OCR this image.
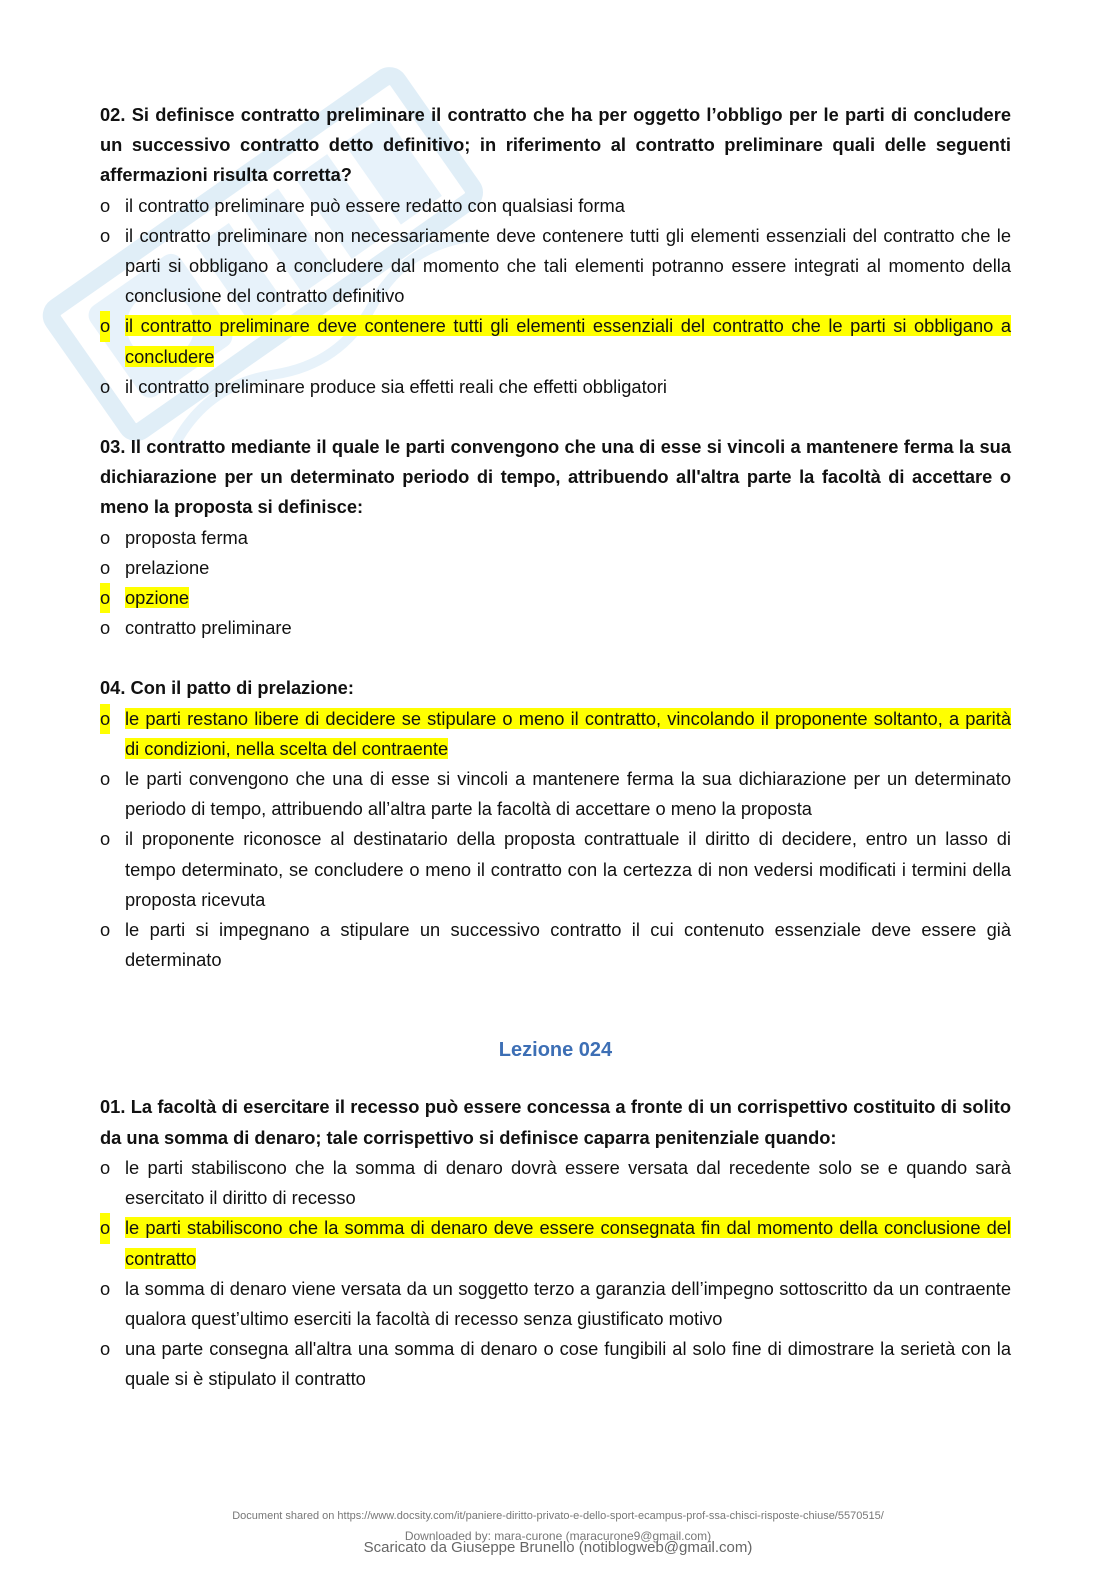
02. Si definisce contratto preliminare il contratto che ha per oggetto l’obbligo per le parti di concludere un successivo contratto detto definitivo; in riferimento al contratto preliminare quali delle seguenti affermazioni risulta corretta?

o il contratto preliminare può essere redatto con qualsiasi forma
o il contratto preliminare non necessariamente deve contenere tutti gli elementi essenziali del contratto che le parti si obbligano a concludere dal momento che tali elementi potranno essere integrati al momento della conclusione del contratto definitivo
o il contratto preliminare deve contenere tutti gli elementi essenziali del contratto che le parti si obbligano a concludere
o il contratto preliminare produce sia effetti reali che effetti obbligatori

03. Il contratto mediante il quale le parti convengono che una di esse si vincoli a mantenere ferma la sua dichiarazione per un determinato periodo di tempo, attribuendo all'altra parte la facoltà di accettare o meno la proposta si definisce:

o proposta ferma
o prelazione
o opzione
o contratto preliminare

04. Con il patto di prelazione:

o le parti restano libere di decidere se stipulare o meno il contratto, vincolando il proponente soltanto, a parità di condizioni, nella scelta del contraente
o le parti convengono che una di esse si vincoli a mantenere ferma la sua dichiarazione per un determinato periodo di tempo, attribuendo all’altra parte la facoltà di accettare o meno la proposta
o il proponente riconosce al destinatario della proposta contrattuale il diritto di decidere, entro un lasso di tempo determinato, se concludere o meno il contratto con la certezza di non vedersi modificati i termini della proposta ricevuta
o le parti si impegnano a stipulare un successivo contratto il cui contenuto essenziale deve essere già determinato
Lezione 024

01. La facoltà di esercitare il recesso può essere concessa a fronte di un corrispettivo costituito di solito da una somma di denaro; tale corrispettivo si definisce caparra penitenziale quando:

o le parti stabiliscono che la somma di denaro dovrà essere versata dal recedente solo se e quando sarà esercitato il diritto di recesso
o le parti stabiliscono che la somma di denaro deve essere consegnata fin dal momento della conclusione del contratto
o la somma di denaro viene versata da un soggetto terzo a garanzia dell’impegno sottoscritto da un contraente qualora quest’ultimo eserciti la facoltà di recesso senza giustificato motivo
o una parte consegna all'altra una somma di denaro o cose fungibili al solo fine di dimostrare la serietà con la quale si è stipulato il contratto
Document shared on https://www.docsity.com/it/paniere-diritto-privato-e-dello-sport-ecampus-prof-ssa-chisci-risposte-chiuse/5570515/
Downloaded by: mara-curone (maracurone9@gmail.com)
Scaricato da Giuseppe Brunello (notiblogweb@gmail.com)
